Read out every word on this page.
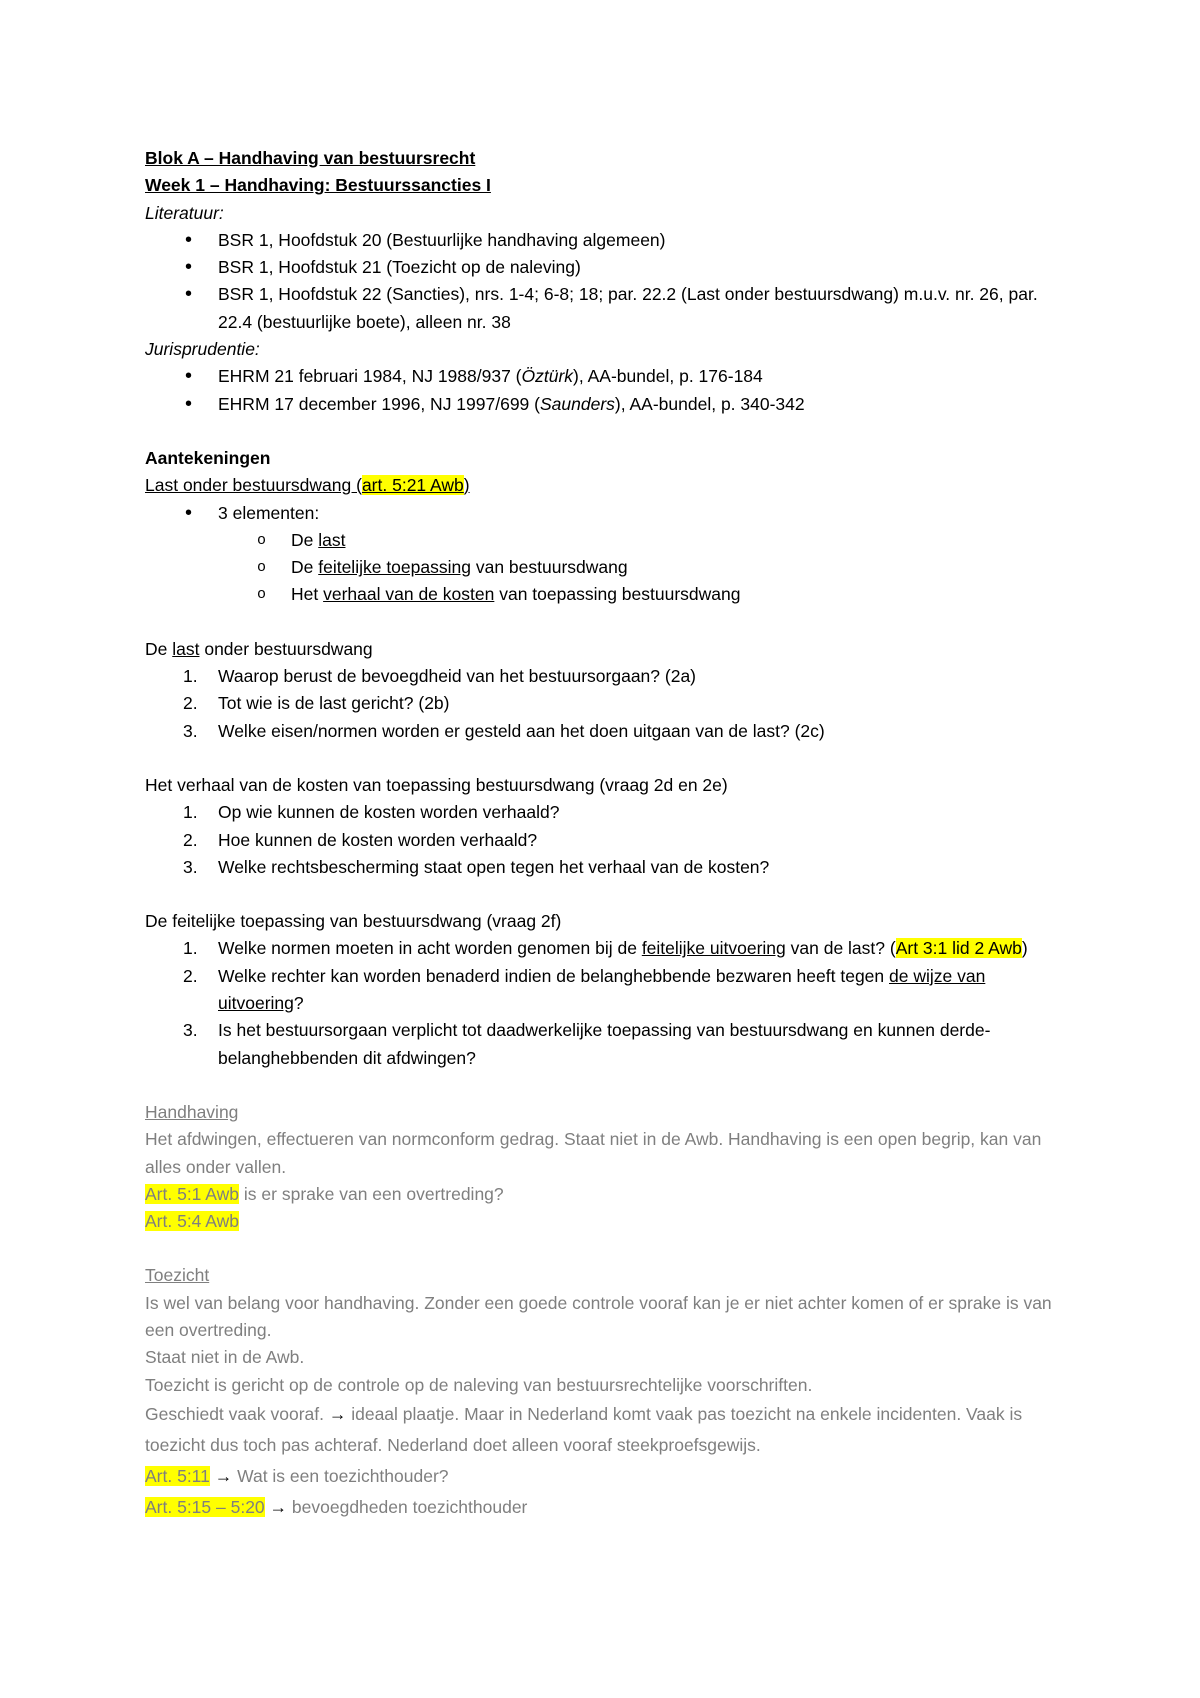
Blok A – Handhaving van bestuursrecht

Week 1 – Handhaving: Bestuurssancties I

Literatuur:

• BSR 1, Hoofdstuk 20 (Bestuurlijke handhaving algemeen)
• BSR 1, Hoofdstuk 21 (Toezicht op de naleving)
• BSR 1, Hoofdstuk 22 (Sancties), nrs. 1-4; 6-8; 18; par. 22.2 (Last onder bestuursdwang) m.u.v. nr. 26, par. 22.4 (bestuurlijke boete), alleen nr. 38

Jurisprudentie:

• EHRM 21 februari 1984, NJ 1988/937 (Öztürk), AA-bundel, p. 176-184
• EHRM 17 december 1996, NJ 1997/699 (Saunders), AA-bundel, p. 340-342

Aantekeningen

Last onder bestuursdwang (art. 5:21 Awb)

• 3 elementen:
o De last
o De feitelijke toepassing van bestuursdwang
o Het verhaal van de kosten van toepassing bestuursdwang

De last onder bestuursdwang

1. Waarop berust de bevoegdheid van het bestuursorgaan? (2a)
2. Tot wie is de last gericht? (2b)
3. Welke eisen/normen worden er gesteld aan het doen uitgaan van de last? (2c)

Het verhaal van de kosten van toepassing bestuursdwang (vraag 2d en 2e)

1. Op wie kunnen de kosten worden verhaald?
2. Hoe kunnen de kosten worden verhaald?
3. Welke rechtsbescherming staat open tegen het verhaal van de kosten?

De feitelijke toepassing van bestuursdwang (vraag 2f)

1. Welke normen moeten in acht worden genomen bij de feitelijke uitvoering van de last? (Art 3:1 lid 2 Awb)
2. Welke rechter kan worden benaderd indien de belanghebbende bezwaren heeft tegen de wijze van uitvoering?
3. Is het bestuursorgaan verplicht tot daadwerkelijke toepassing van bestuursdwang en kunnen derde-belanghebbenden dit afdwingen?

Handhaving

Het afdwingen, effectueren van normconform gedrag. Staat niet in de Awb. Handhaving is een open begrip, kan van alles onder vallen.

Art. 5:1 Awb is er sprake van een overtreding?

Art. 5:4 Awb

Toezicht

Is wel van belang voor handhaving. Zonder een goede controle vooraf kan je er niet achter komen of er sprake is van een overtreding.

Staat niet in de Awb.

Toezicht is gericht op de controle op de naleving van bestuursrechtelijke voorschriften.

Geschiedt vaak vooraf. → ideaal plaatje. Maar in Nederland komt vaak pas toezicht na enkele incidenten. Vaak is toezicht dus toch pas achteraf. Nederland doet alleen vooraf steekproefsgewijs.

Art. 5:11 → Wat is een toezichthouder?

Art. 5:15 – 5:20 → bevoegdheden toezichthouder
